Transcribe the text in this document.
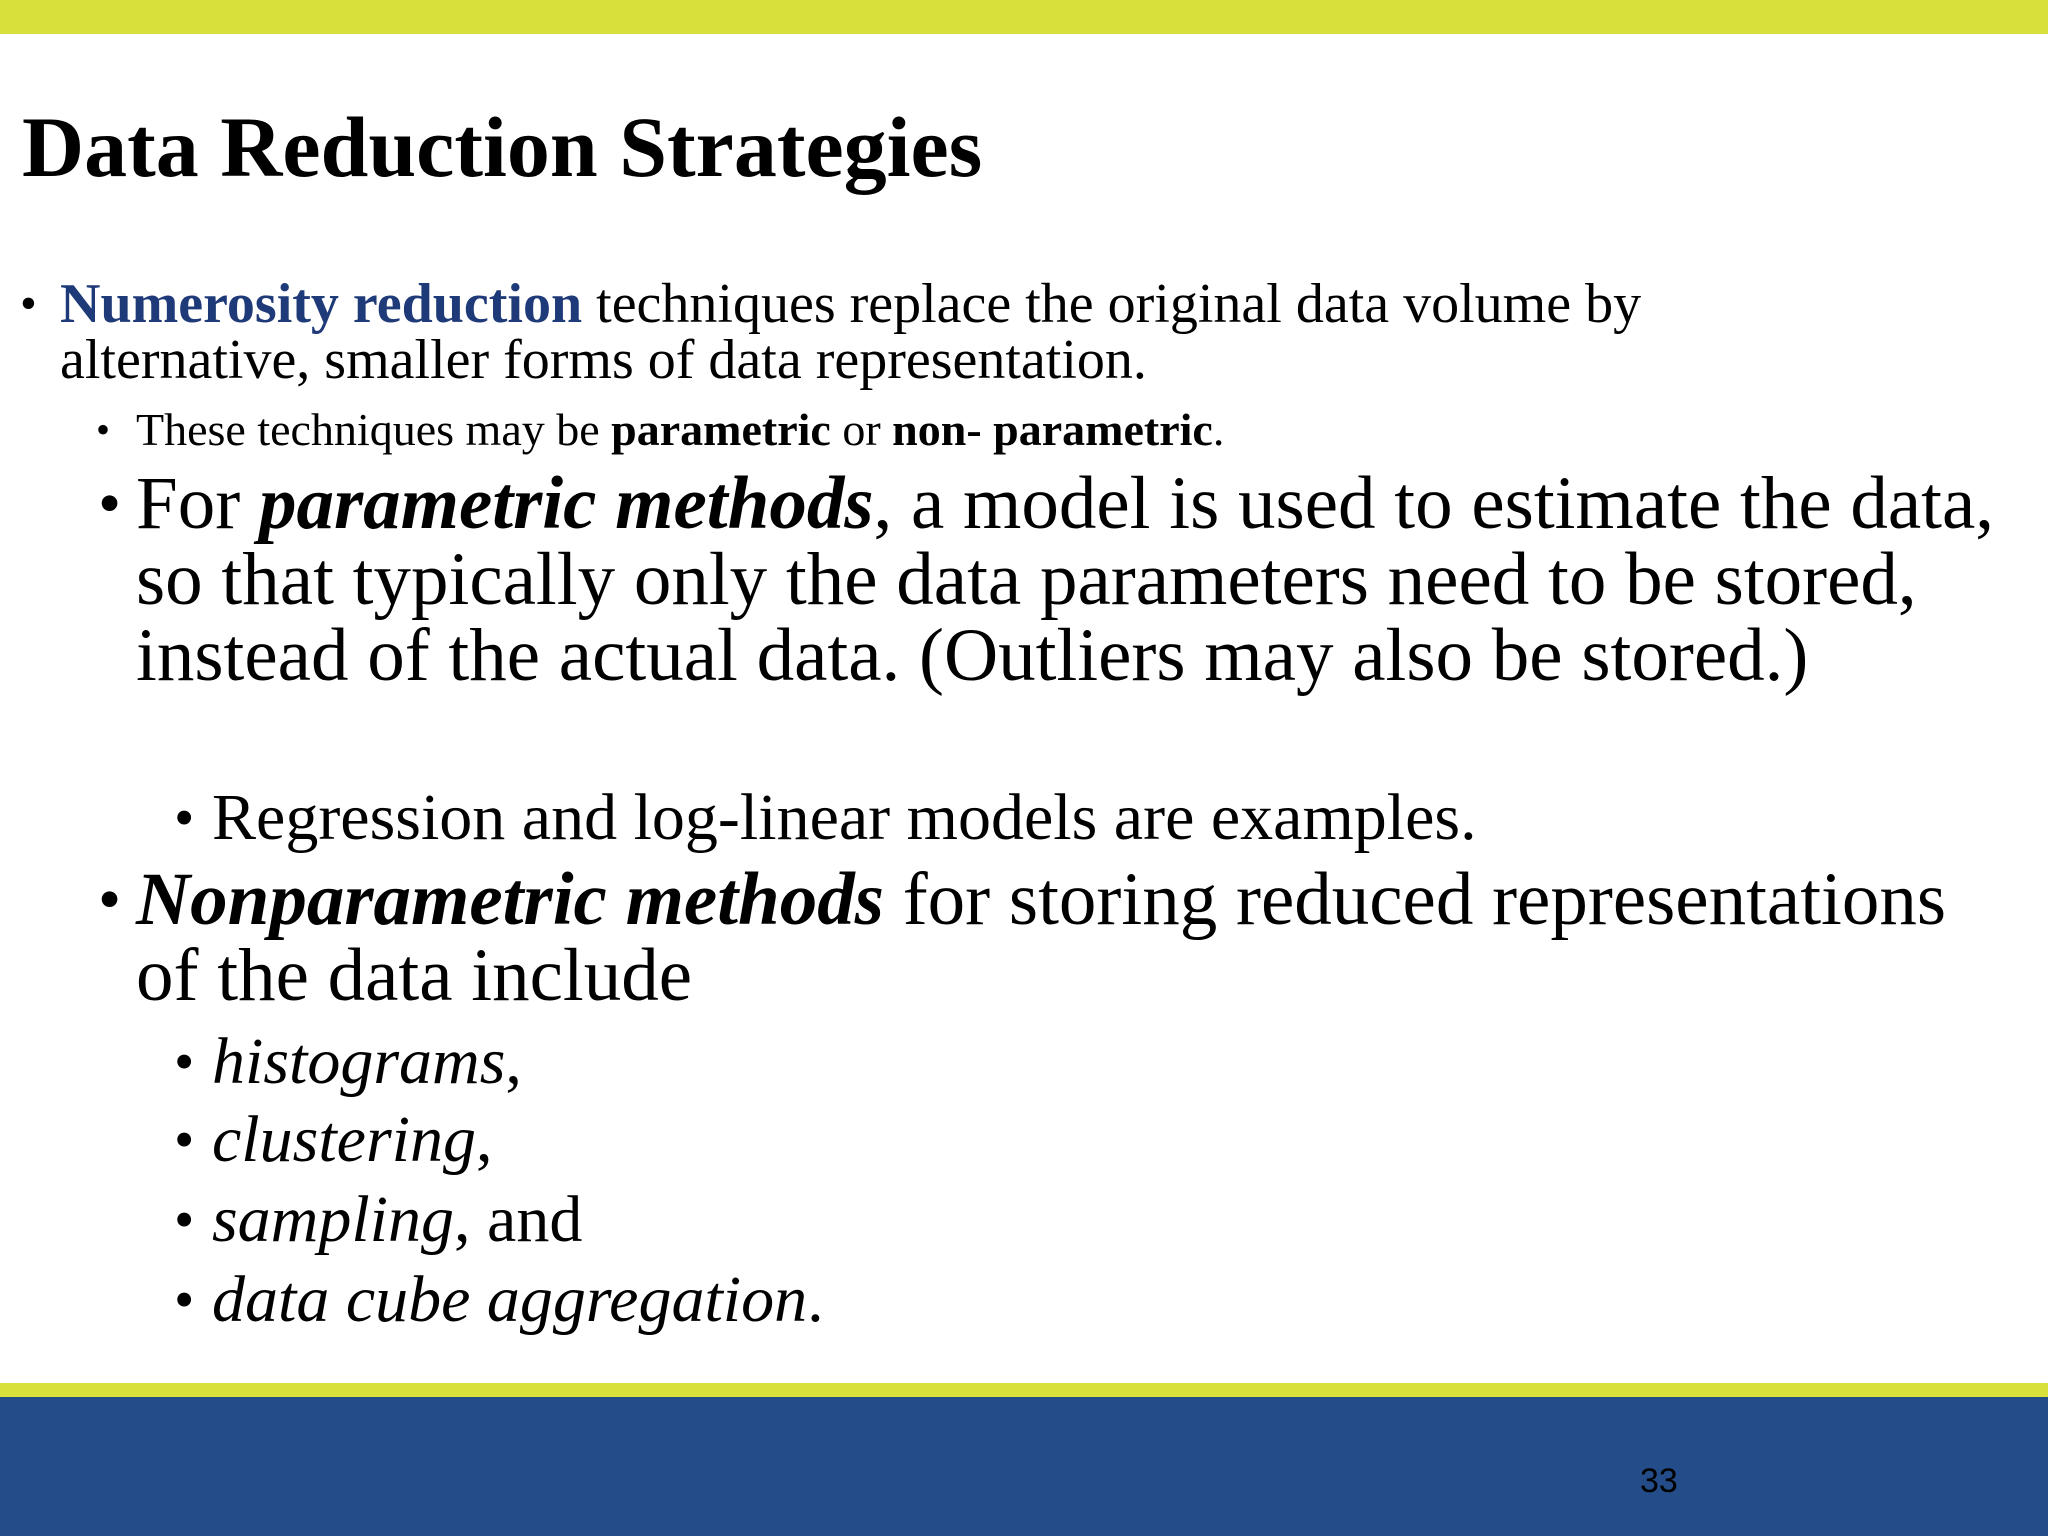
Data Reduction Strategies
• Numerosity reduction techniques replace the original data volume by alternative, smaller forms of data representation.
• These techniques may be parametric or non- parametric.
• For parametric methods, a model is used to estimate the data, so that typically only the data parameters need to be stored, instead of the actual data. (Outliers may also be stored.)
• Regression and log-linear models are examples.
• Nonparametric methods for storing reduced representations of the data include
• histograms,
• clustering,
• sampling, and
• data cube aggregation.
33
